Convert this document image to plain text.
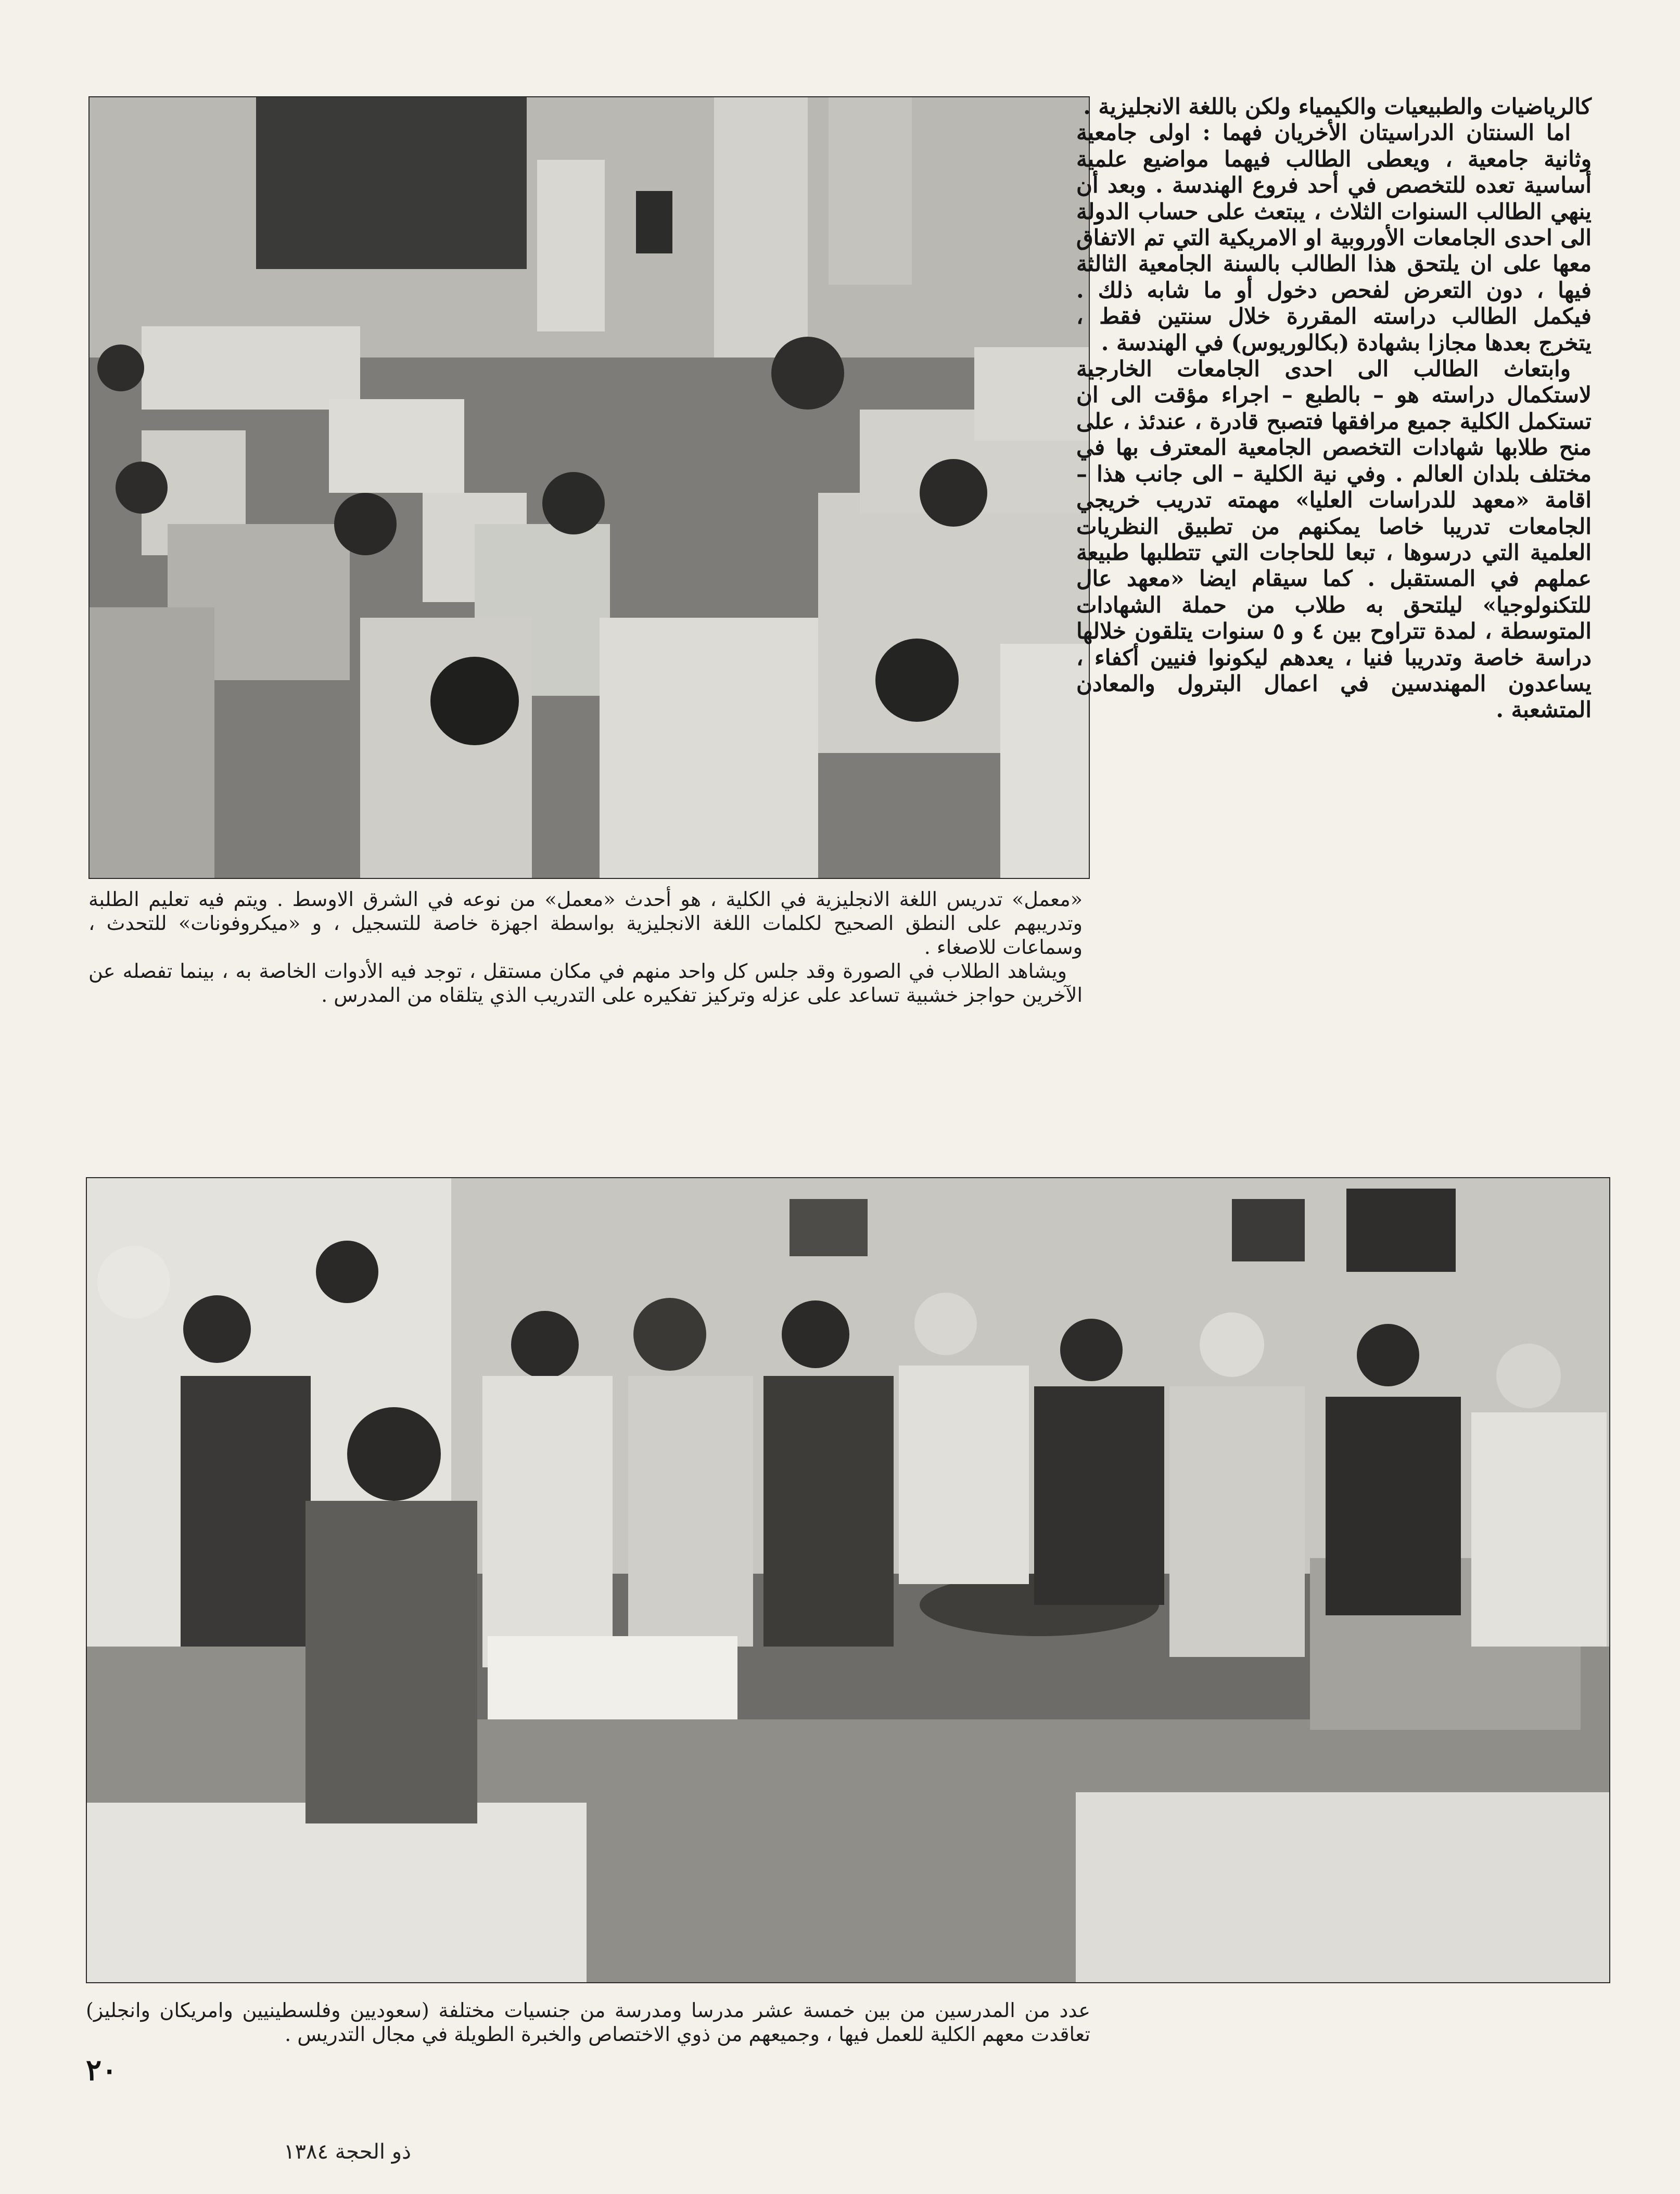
كالرياضيات والطبيعيات والكيمياء ولكن باللغة الانجليزية .

اما السنتان الدراسيتان الأخريان فهما : اولى جامعية وثانية جامعية ، ويعطى الطالب فيهما مواضيع علمية أساسية تعده للتخصص في أحد فروع الهندسة . وبعد أن ينهي الطالب السنوات الثلاث ، يبتعث على حساب الدولة الى احدى الجامعات الأوروبية او الامريكية التي تم الاتفاق معها على ان يلتحق هذا الطالب بالسنة الجامعية الثالثة فيها ، دون التعرض لفحص دخول أو ما شابه ذلك . فيكمل الطالب دراسته المقررة خلال سنتين فقط ، يتخرج بعدها مجازا بشهادة (بكالوريوس) في الهندسة .

وابتعاث الطالب الى احدى الجامعات الخارجية لاستكمال دراسته هو – بالطبع – اجراء مؤقت الى ان تستكمل الكلية جميع مرافقها فتصبح قادرة ، عندئذ ، على منح طلابها شهادات التخصص الجامعية المعترف بها في مختلف بلدان العالم . وفي نية الكلية – الى جانب هذا – اقامة «معهد للدراسات العليا» مهمته تدريب خريجي الجامعات تدريبا خاصا يمكنهم من تطبيق النظريات العلمية التي درسوها ، تبعا للحاجات التي تتطلبها طبيعة عملهم في المستقبل . كما سيقام ايضا «معهد عال للتكنولوجيا» ليلتحق به طلاب من حملة الشهادات المتوسطة ، لمدة تتراوح بين ٤ و ٥ سنوات يتلقون خلالها دراسة خاصة وتدريبا فنيا ، يعدهم ليكونوا فنيين أكفاء ، يساعدون المهندسين في اعمال البترول والمعادن المتشعبة .

«معمل» تدريس اللغة الانجليزية في الكلية ، هو أحدث «معمل» من نوعه في الشرق الاوسط . ويتم فيه تعليم الطلبة وتدريبهم على النطق الصحيح لكلمات اللغة الانجليزية بواسطة اجهزة خاصة للتسجيل ، و «ميكروفونات» للتحدث ، وسماعات للاصغاء .

ويشاهد الطلاب في الصورة وقد جلس كل واحد منهم في مكان مستقل ، توجد فيه الأدوات الخاصة به ، بينما تفصله عن الآخرين حواجز خشبية تساعد على عزله وتركيز تفكيره على التدريب الذي يتلقاه من المدرس .

عدد من المدرسين من بين خمسة عشر مدرسا ومدرسة من جنسيات مختلفة (سعوديين وفلسطينيين وامريكان وانجليز) تعاقدت معهم الكلية للعمل فيها ، وجميعهم من ذوي الاختصاص والخبرة الطويلة في مجال التدريس .

٢٠
ذو الحجة ١٣٨٤
